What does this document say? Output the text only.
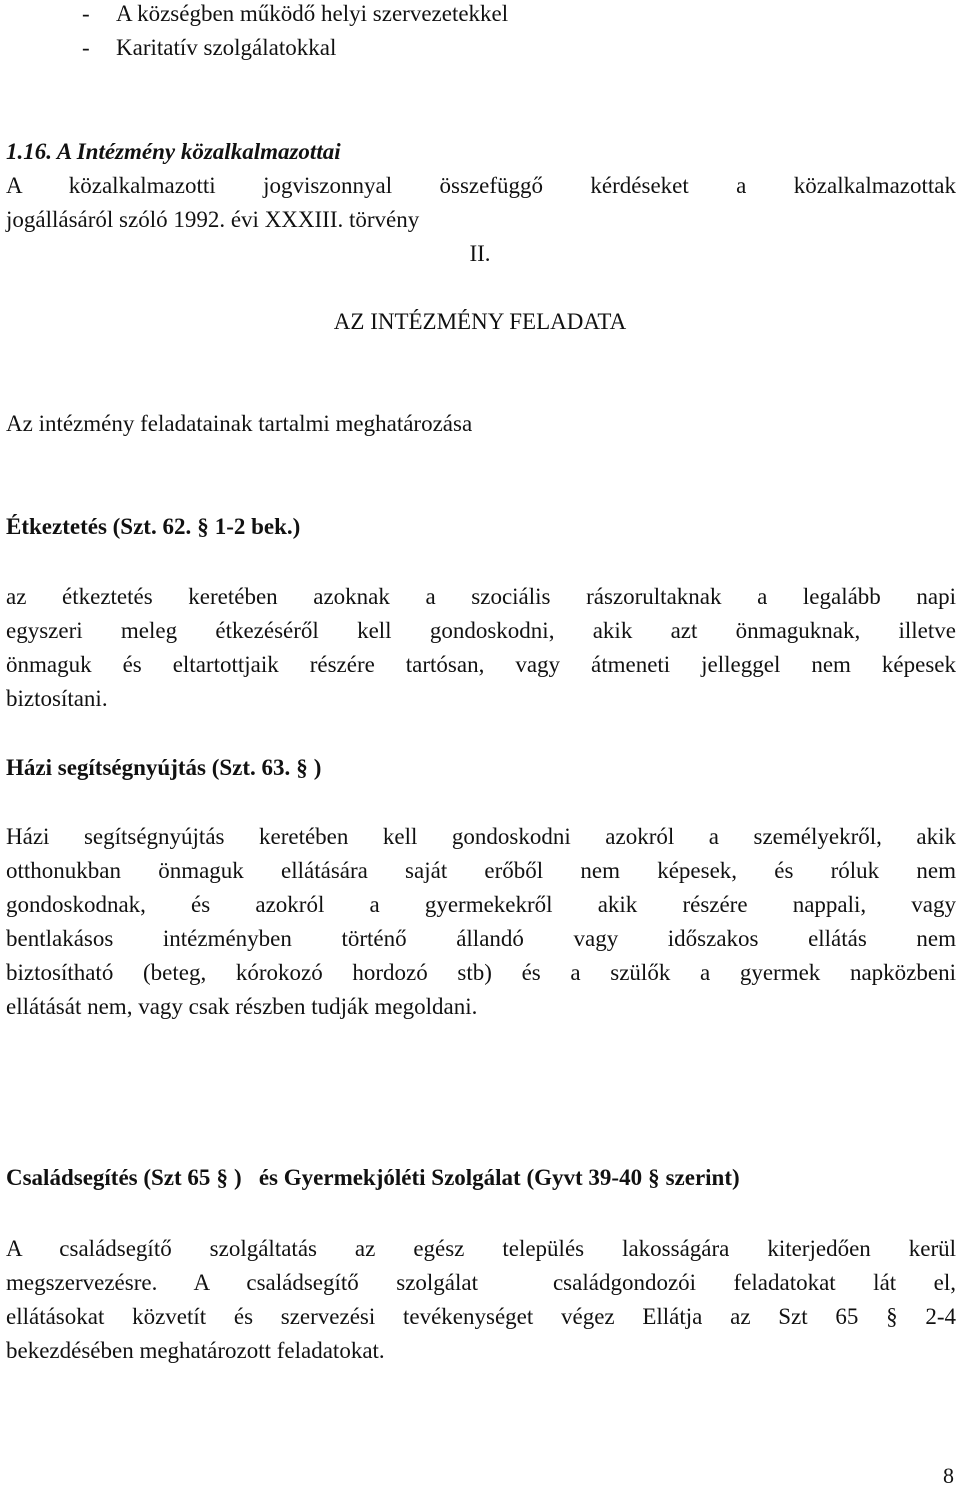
- A községben működő helyi szervezetekkel
- Karitatív szolgálatokkal
1.16. A Intézmény közalkalmazottai
A közalkalmazotti jogviszonnyal összefüggő kérdéseket a közalkalmazottak
jogállásáról szóló 1992. évi XXXIII. törvény
II.
AZ INTÉZMÉNY FELADATA
Az intézmény feladatainak tartalmi meghatározása
Étkeztetés (Szt. 62. § 1-2 bek.)
az étkeztetés keretében azoknak a szociális rászorultaknak a legalább napi
egyszeri meleg étkezéséről kell gondoskodni, akik azt önmaguknak, illetve
önmaguk és eltartottjaik részére tartósan, vagy átmeneti jelleggel nem képesek
biztosítani.
Házi segítségnyújtás (Szt. 63. § )
Házi segítségnyújtás keretében kell gondoskodni azokról a személyekről, akik
otthonukban önmaguk ellátására saját erőből nem képesek, és róluk nem
gondoskodnak, és azokról a gyermekekről akik részére nappali, vagy
bentlakásos intézményben történő állandó vagy időszakos ellátás nem
biztosítható (beteg, kórokozó hordozó stb) és a szülők a gyermek napközbeni
ellátását nem, vagy csak részben tudják megoldani.
Családsegítés (Szt 65 § )   és Gyermekjóléti Szolgálat (Gyvt 39-40 § szerint)
A családsegítő szolgáltatás az egész település lakosságára kiterjedően kerül
megszervezésre. A családsegítő szolgálat  családgondozói feladatokat lát el,
ellátásokat közvetít és szervezési tevékenységet végez Ellátja az Szt 65 § 2-4
bekezdésében meghatározott feladatokat.
8
